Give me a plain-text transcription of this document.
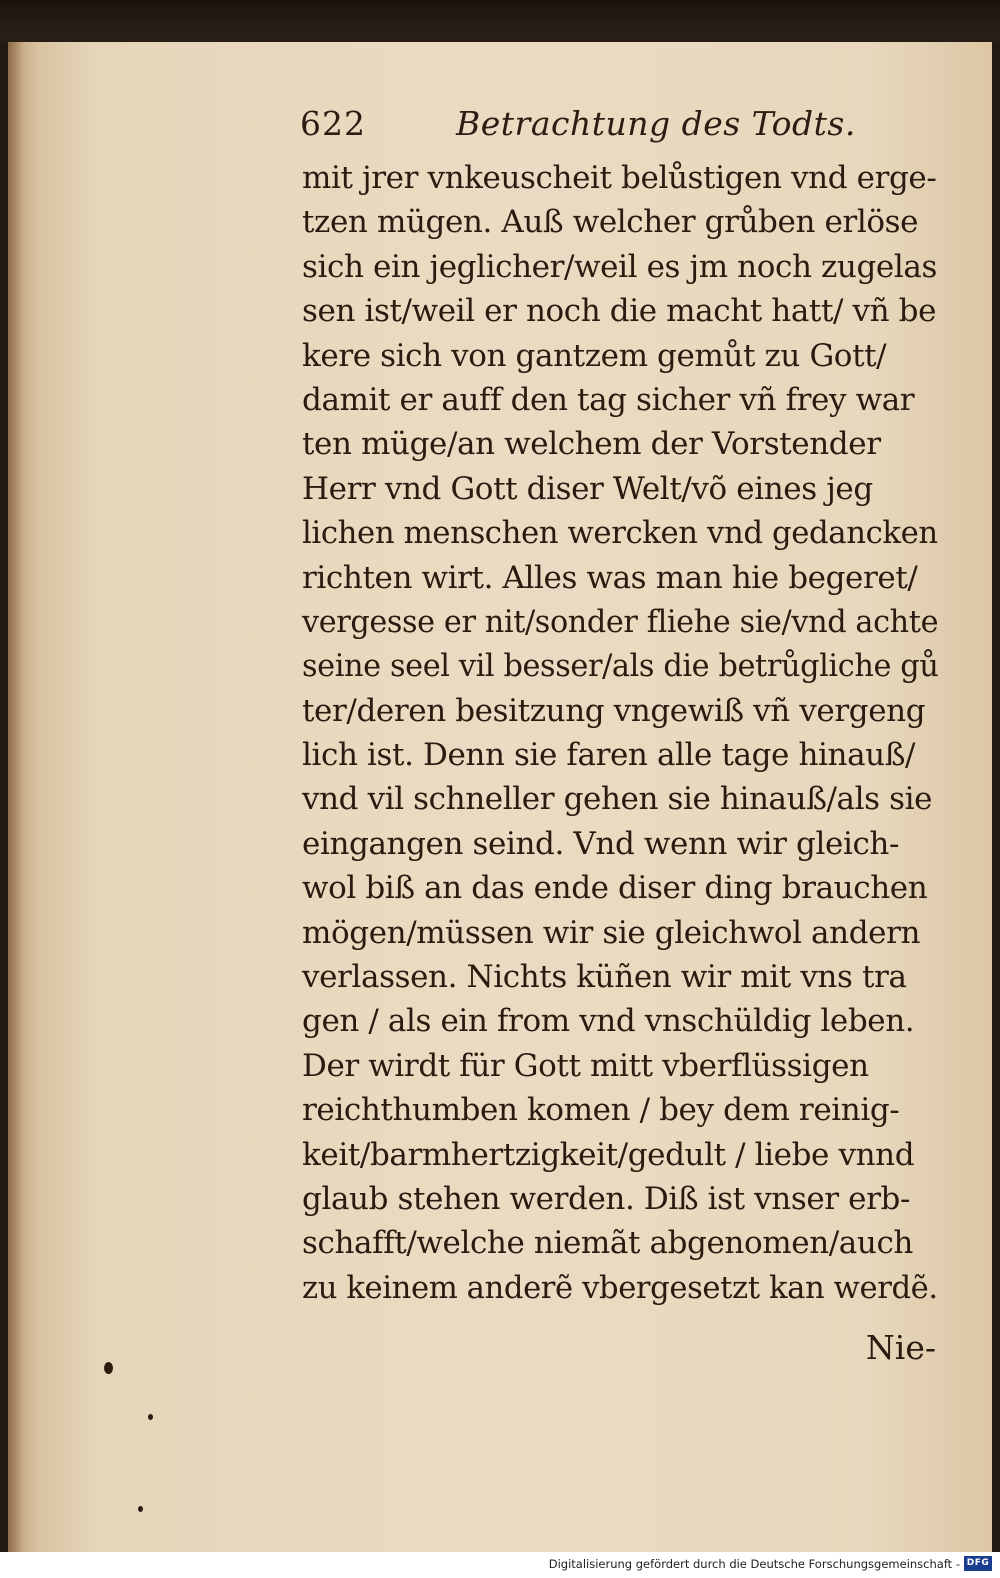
622	Betrachtung des Todts.
mit jrer vnkeuscheit belůstigen vnd erge-
tzen mügen. Auß welcher grůben erlöse
sich ein jeglicher/weil es jm noch zugelas
sen ist/weil er noch die macht hatt/ vñ be
kere sich von gantzem gemůt zu Gott/
damit er auff den tag sicher vñ frey war
ten müge/an welchem der Vorstender
Herr vnd Gott diser Welt/võ eines jeg
lichen menschen wercken vnd gedancken
richten wirt. Alles was man hie begeret/
vergesse er nit/sonder fliehe sie/vnd achte
seine seel vil besser/als die betrůgliche gů
ter/deren besitzung vngewiß vñ vergeng
lich ist. Denn sie faren alle tage hinauß/
vnd vil schneller gehen sie hinauß/als sie
eingangen seind. Vnd wenn wir gleich-
wol biß an das ende diser ding brauchen
mögen/müssen wir sie gleichwol andern
verlassen. Nichts küñen wir mit vns tra
gen / als ein from vnd vnschüldig leben.
Der wirdt für Gott mitt vberflüssigen
reichthumben komen / bey dem reinig-
keit/barmhertzigkeit/gedult / liebe vnnd
glaub stehen werden. Diß ist vnser erb-
schafft/welche niemãt abgenomen/auch
zu keinem anderẽ vbergesetzt kan werdẽ.
Nie-
Digitalisierung gefördert durch die Deutsche Forschungsgemeinschaft - DFG
